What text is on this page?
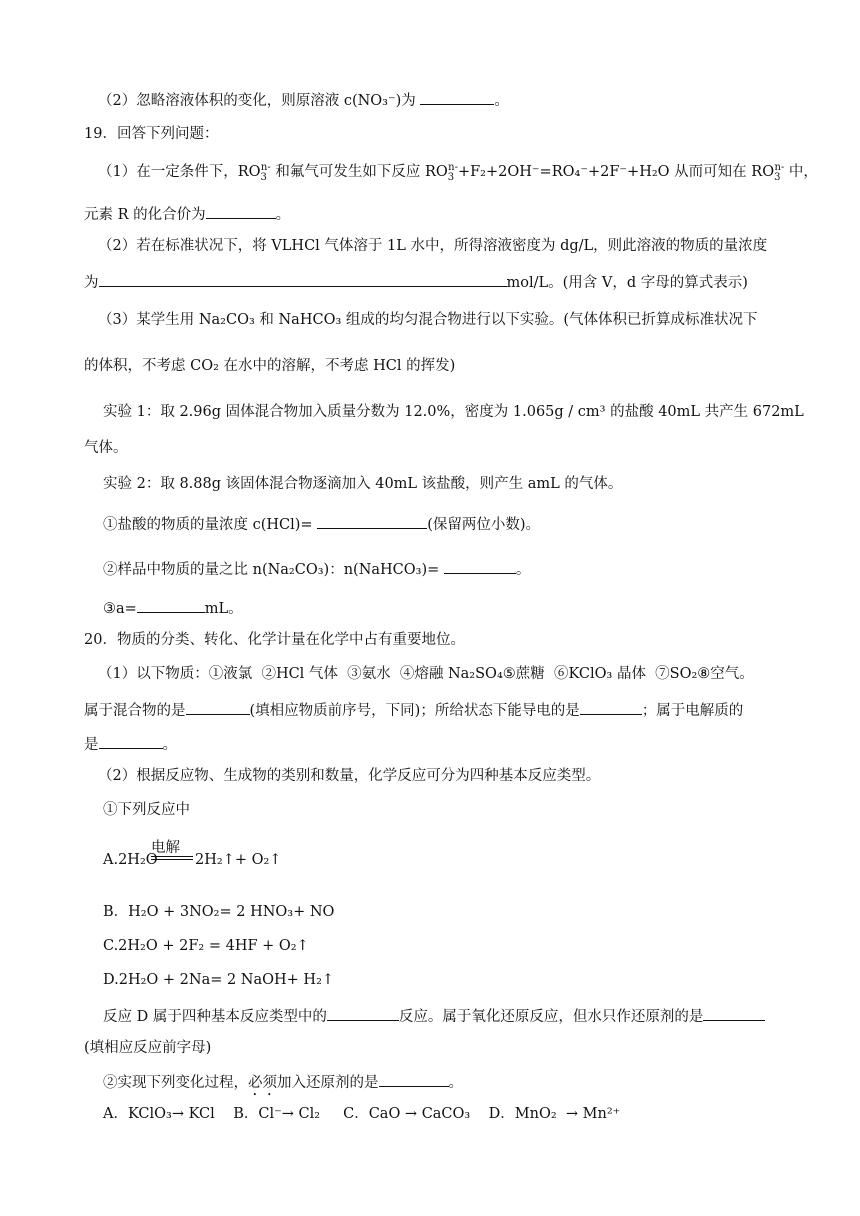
（2）忽略溶液体积的变化，则原溶液 c(NO₃⁻)为	。
19．回答下列问题：
（1）在一定条件下，$RO_3^{n-}$ 和氟气可发生如下反应 $RO_3^{n-}+F_2+2OH^-=RO_4^-+2F^-+H_2O$ 从而可知在 $RO_3^{n-}$ 中，
元素 R 的化合价为	。
（2）若在标准状况下，将 VLHCl 气体溶于 1L 水中，所得溶液密度为 dg/L，则此溶液的物质的量浓度
为	mol/L。(用含 V，d 字母的算式表示)
（3）某学生用 Na₂CO₃ 和 NaHCO₃ 组成的均匀混合物进行以下实验。(气体体积已折算成标准状况下
的体积，不考虑 CO₂ 在水中的溶解，不考虑 HCl 的挥发)
实验 1：取 2.96g 固体混合物加入质量分数为 12.0%，密度为 1.065g / cm³ 的盐酸 40mL 共产生 672mL
气体。
实验 2：取 8.88g 该固体混合物逐滴加入 40mL 该盐酸，则产生 amL 的气体。
①盐酸的物质的量浓度 c(HCl)=	(保留两位小数)。
②样品中物质的量之比 n(Na₂CO₃)：n(NaHCO₃)=	。
③a=	mL。
20．物质的分类、转化、化学计量在化学中占有重要地位。
（1）以下物质：①液氯  ②HCl 气体  ③氨水  ④熔融 Na₂SO₄⑤蔗糖  ⑥KClO₃ 晶体  ⑦SO₂⑧空气。
属于混合物的是	(填相应物质前序号，下同)；所给状态下能导电的是	；属于电解质的
是	。
（2）根据反应物、生成物的类别和数量，化学反应可分为四种基本反应类型。
①下列反应中
电解
A.2H₂O	2H₂↑+ O₂↑
B．H₂O + 3NO₂= 2 HNO₃+ NO
C.2H₂O + 2F₂ = 4HF + O₂↑
D.2H₂O + 2Na= 2 NaOH+ H₂↑
反应 D 属于四种基本反应类型中的	反应。属于氧化还原反应，但水只作还原剂的是
(填相应反应前字母)
②实现下列变化过程，必须加入还原剂的是	。
A．KClO₃→ KCl    B．Cl⁻→ Cl₂     C．CaO → CaCO₃    D．MnO₂  → Mn²⁺
